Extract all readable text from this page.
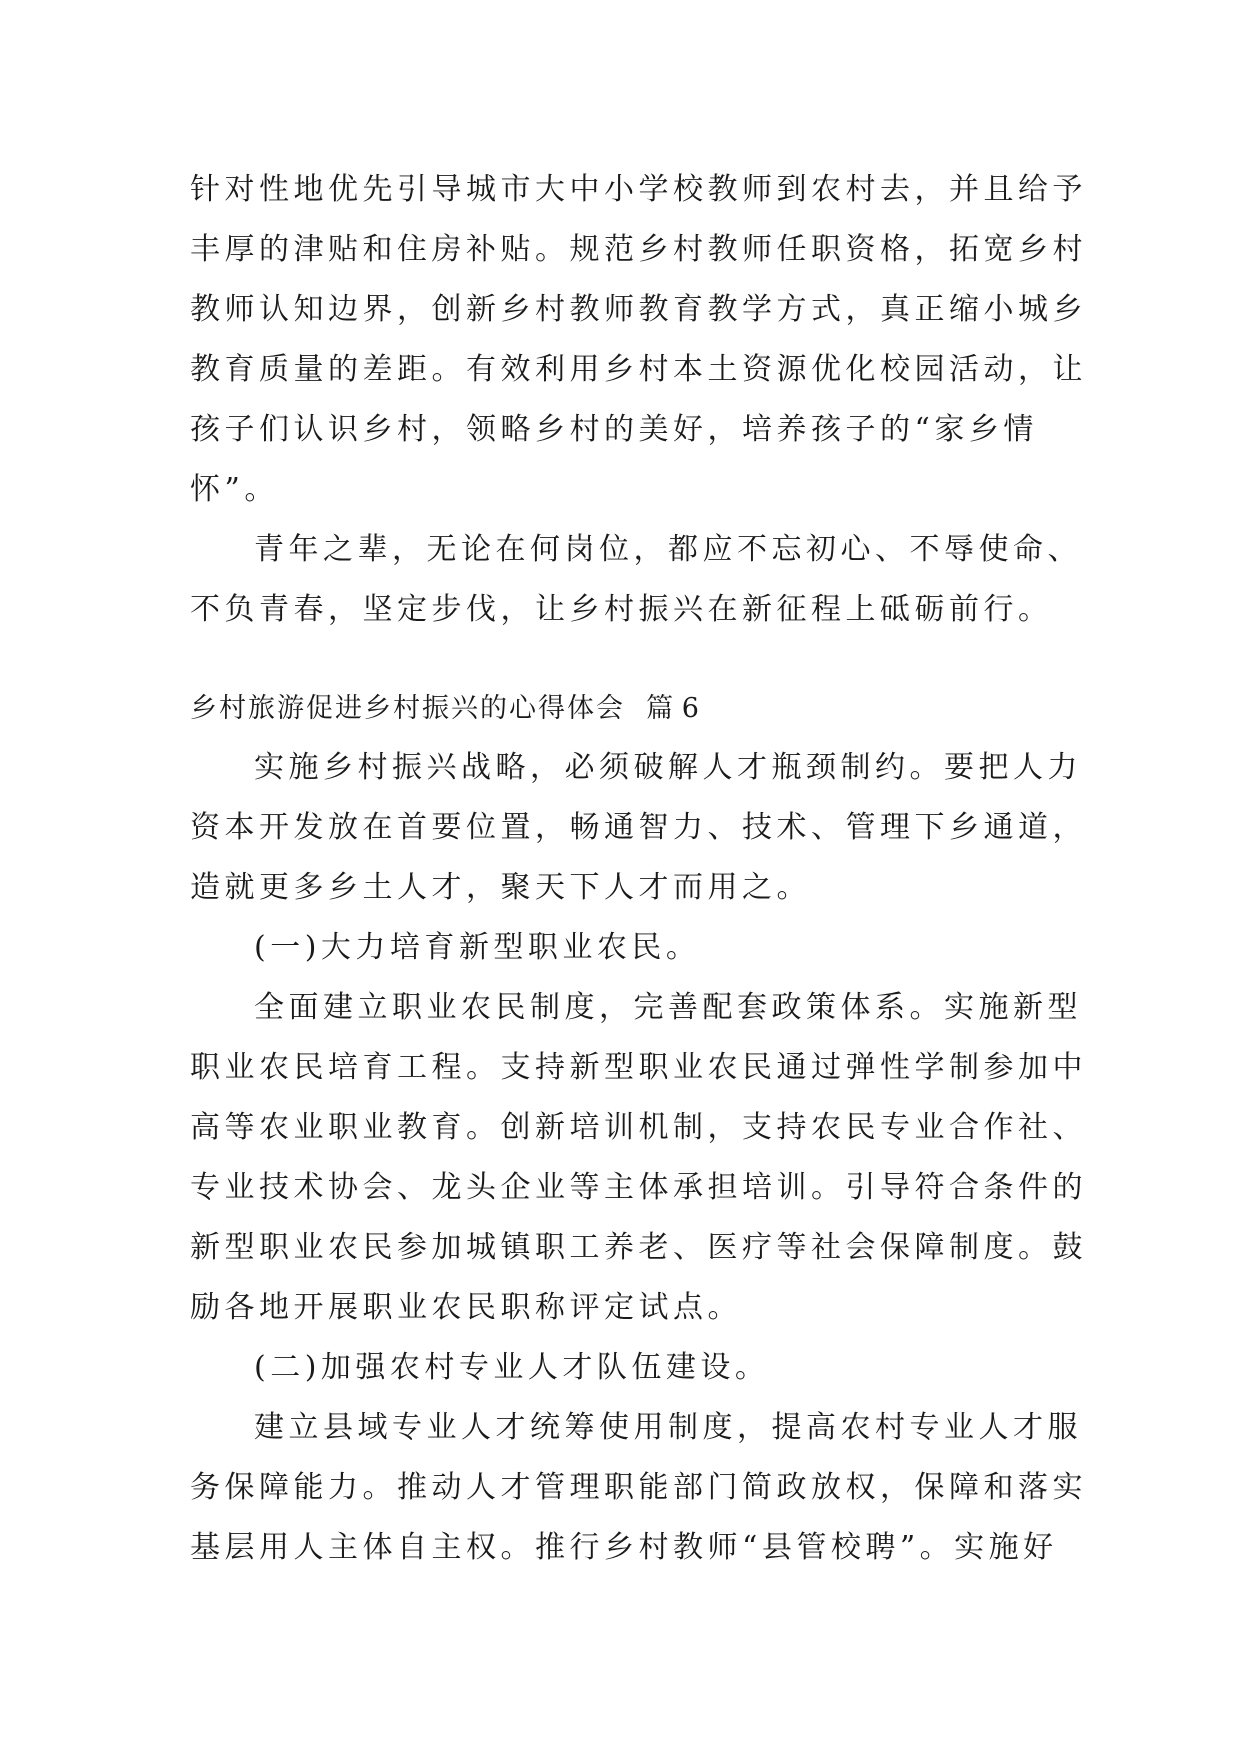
针对性地优先引导城市大中小学校教师到农村去，并且给予
丰厚的津贴和住房补贴。规范乡村教师任职资格，拓宽乡村
教师认知边界，创新乡村教师教育教学方式，真正缩小城乡
教育质量的差距。有效利用乡村本土资源优化校园活动，让
孩子们认识乡村，领略乡村的美好，培养孩子的“家乡情
怀”。
青年之辈，无论在何岗位，都应不忘初心、不辱使命、
不负青春，坚定步伐，让乡村振兴在新征程上砥砺前行。
乡村旅游促进乡村振兴的心得体会 篇 6
实施乡村振兴战略，必须破解人才瓶颈制约。要把人力
资本开发放在首要位置，畅通智力、技术、管理下乡通道，
造就更多乡土人才，聚天下人才而用之。
(一)大力培育新型职业农民。
全面建立职业农民制度，完善配套政策体系。实施新型
职业农民培育工程。支持新型职业农民通过弹性学制参加中
高等农业职业教育。创新培训机制，支持农民专业合作社、
专业技术协会、龙头企业等主体承担培训。引导符合条件的
新型职业农民参加城镇职工养老、医疗等社会保障制度。鼓
励各地开展职业农民职称评定试点。
(二)加强农村专业人才队伍建设。
建立县域专业人才统筹使用制度，提高农村专业人才服
务保障能力。推动人才管理职能部门简政放权，保障和落实
基层用人主体自主权。推行乡村教师“县管校聘”。实施好
